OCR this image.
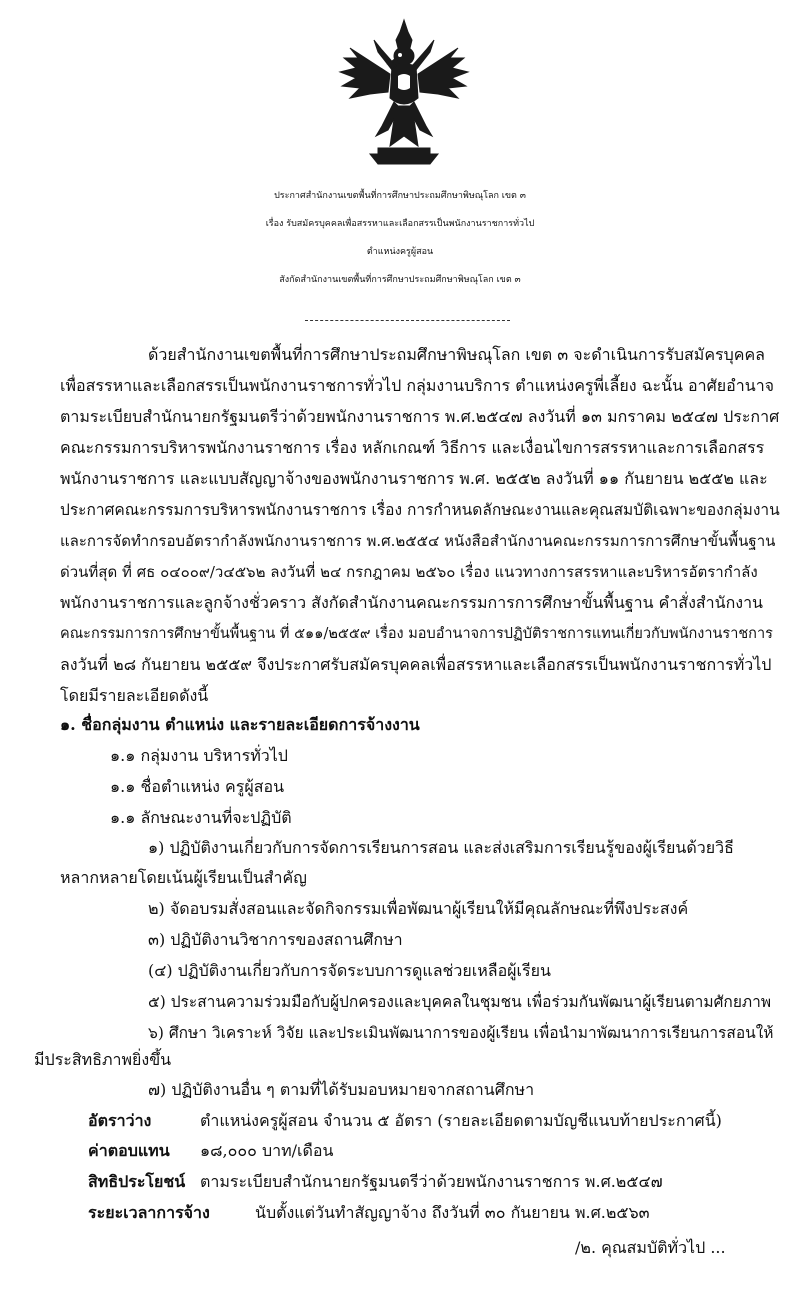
ประกาศสำนักงานเขตพื้นที่การศึกษาประถมศึกษาพิษณุโลก เขต ๓
เรื่อง รับสมัครบุคคลเพื่อสรรหาและเลือกสรรเป็นพนักงานราชการทั่วไป
ตำแหน่งครูผู้สอน
สังกัดสำนักงานเขตพื้นที่การศึกษาประถมศึกษาพิษณุโลก เขต ๓
ด้วยสำนักงานเขตพื้นที่การศึกษาประถมศึกษาพิษณุโลก เขต ๓ จะดำเนินการรับสมัครบุคคล
เพื่อสรรหาและเลือกสรรเป็นพนักงานราชการทั่วไป กลุ่มงานบริการ ตำแหน่งครูพี่เลี้ยง ฉะนั้น อาศัยอำนาจ
ตามระเบียบสำนักนายกรัฐมนตรีว่าด้วยพนักงานราชการ พ.ศ.๒๕๔๗ ลงวันที่ ๑๓ มกราคม ๒๕๔๗ ประกาศ
คณะกรรมการบริหารพนักงานราชการ เรื่อง หลักเกณฑ์ วิธีการ และเงื่อนไขการสรรหาและการเลือกสรร
พนักงานราชการ และแบบสัญญาจ้างของพนักงานราชการ พ.ศ. ๒๕๕๒ ลงวันที่ ๑๑ กันยายน ๒๕๕๒ และ
ประกาศคณะกรรมการบริหารพนักงานราชการ เรื่อง การกำหนดลักษณะงานและคุณสมบัติเฉพาะของกลุ่มงาน
และการจัดทำกรอบอัตรากำลังพนักงานราชการ พ.ศ.๒๕๕๔ หนังสือสำนักงานคณะกรรมการการศึกษาขั้นพื้นฐาน
ด่วนที่สุด ที่ ศธ ๐๔๐๐๙/ว๔๕๖๒ ลงวันที่ ๒๔ กรกฎาคม ๒๕๖๐ เรื่อง แนวทางการสรรหาและบริหารอัตรากำลัง
พนักงานราชการและลูกจ้างชั่วคราว สังกัดสำนักงานคณะกรรมการการศึกษาขั้นพื้นฐาน คำสั่งสำนักงาน
คณะกรรมการการศึกษาขั้นพื้นฐาน ที่ ๕๑๑/๒๕๕๙ เรื่อง มอบอำนาจการปฏิบัติราชการแทนเกี่ยวกับพนักงานราชการ
ลงวันที่ ๒๘ กันยายน ๒๕๕๙ จึงประกาศรับสมัครบุคคลเพื่อสรรหาและเลือกสรรเป็นพนักงานราชการทั่วไป
โดยมีรายละเอียดดังนี้
๑. ชื่อกลุ่มงาน ตำแหน่ง และรายละเอียดการจ้างงาน
๑.๑ กลุ่มงาน บริหารทั่วไป
๑.๑ ชื่อตำแหน่ง ครูผู้สอน
๑.๑ ลักษณะงานที่จะปฏิบัติ
๑) ปฏิบัติงานเกี่ยวกับการจัดการเรียนการสอน และส่งเสริมการเรียนรู้ของผู้เรียนด้วยวิธี
หลากหลายโดยเน้นผู้เรียนเป็นสำคัญ
๒) จัดอบรมสั่งสอนและจัดกิจกรรมเพื่อพัฒนาผู้เรียนให้มีคุณลักษณะที่พึงประสงค์
๓) ปฏิบัติงานวิชาการของสถานศึกษา
(๔) ปฏิบัติงานเกี่ยวกับการจัดระบบการดูแลช่วยเหลือผู้เรียน
๕) ประสานความร่วมมือกับผู้ปกครองและบุคคลในชุมชน เพื่อร่วมกันพัฒนาผู้เรียนตามศักยภาพ
๖) ศึกษา วิเคราะห์ วิจัย และประเมินพัฒนาการของผู้เรียน เพื่อนำมาพัฒนาการเรียนการสอนให้
มีประสิทธิภาพยิ่งขึ้น
๗) ปฏิบัติงานอื่น ๆ ตามที่ได้รับมอบหมายจากสถานศึกษา
อัตราว่าง	ตำแหน่งครูผู้สอน จำนวน ๕ อัตรา (รายละเอียดตามบัญชีแนบท้ายประกาศนี้)
ค่าตอบแทน ๑๘,๐๐๐ บาท/เดือน
สิทธิประโยชน์ ตามระเบียบสำนักนายกรัฐมนตรีว่าด้วยพนักงานราชการ พ.ศ.๒๕๔๗
ระยะเวลาการจ้าง	นับตั้งแต่วันทำสัญญาจ้าง ถึงวันที่ ๓๐ กันยายน พ.ศ.๒๕๖๓
/๒. คุณสมบัติทั่วไป ...
